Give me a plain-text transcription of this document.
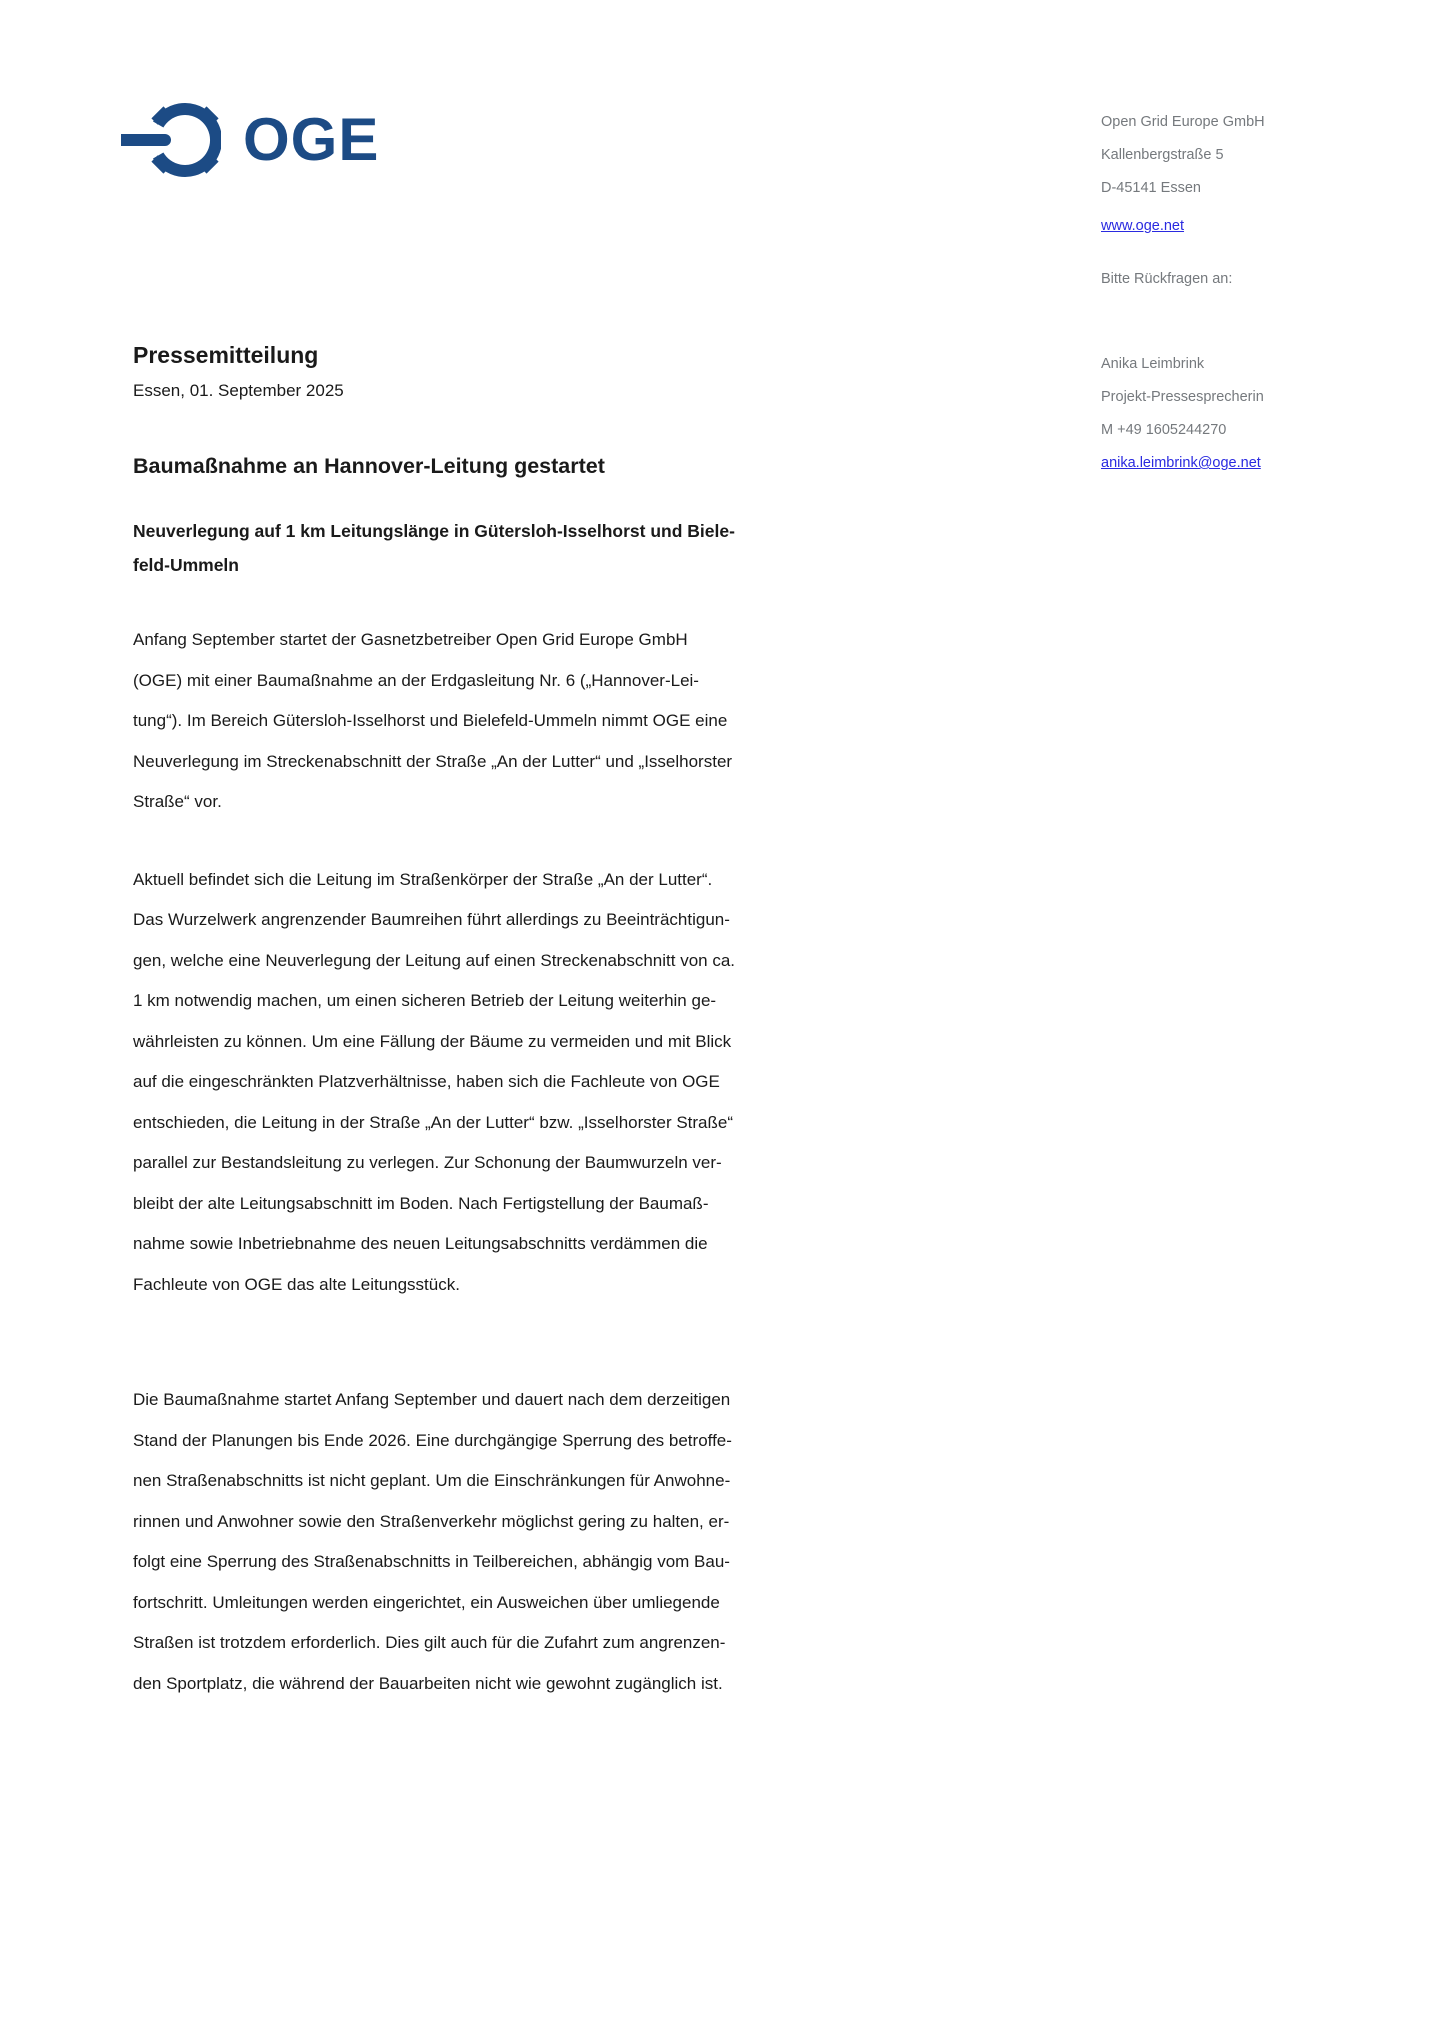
OGE	Open Grid Europe GmbH
Kallenbergstraße 5
D-45141 Essen
www.oge.net
Bitte Rückfragen an:
Anika Leimbrink
Projekt-Pressesprecherin
M +49 1605244270
anika.leimbrink@oge.net
Pressemitteilung
Essen, 01. September 2025
Baumaßnahme an Hannover-Leitung gestartet
Neuverlegung auf 1 km Leitungslänge in Gütersloh-Isselhorst und Biele-
feld-Ummeln
Anfang September startet der Gasnetzbetreiber Open Grid Europe GmbH
(OGE) mit einer Baumaßnahme an der Erdgasleitung Nr. 6 („Hannover-Lei-
tung“). Im Bereich Gütersloh-Isselhorst und Bielefeld-Ummeln nimmt OGE eine
Neuverlegung im Streckenabschnitt der Straße „An der Lutter“ und „Isselhorster
Straße“ vor.
Aktuell befindet sich die Leitung im Straßenkörper der Straße „An der Lutter“.
Das Wurzelwerk angrenzender Baumreihen führt allerdings zu Beeinträchtigun-
gen, welche eine Neuverlegung der Leitung auf einen Streckenabschnitt von ca.
1 km notwendig machen, um einen sicheren Betrieb der Leitung weiterhin ge-
währleisten zu können. Um eine Fällung der Bäume zu vermeiden und mit Blick
auf die eingeschränkten Platzverhältnisse, haben sich die Fachleute von OGE
entschieden, die Leitung in der Straße „An der Lutter“ bzw. „Isselhorster Straße“
parallel zur Bestandsleitung zu verlegen. Zur Schonung der Baumwurzeln ver-
bleibt der alte Leitungsabschnitt im Boden. Nach Fertigstellung der Baumaß-
nahme sowie Inbetriebnahme des neuen Leitungsabschnitts verdämmen die
Fachleute von OGE das alte Leitungsstück.
Die Baumaßnahme startet Anfang September und dauert nach dem derzeitigen
Stand der Planungen bis Ende 2026. Eine durchgängige Sperrung des betroffe-
nen Straßenabschnitts ist nicht geplant. Um die Einschränkungen für Anwohne-
rinnen und Anwohner sowie den Straßenverkehr möglichst gering zu halten, er-
folgt eine Sperrung des Straßenabschnitts in Teilbereichen, abhängig vom Bau-
fortschritt. Umleitungen werden eingerichtet, ein Ausweichen über umliegende
Straßen ist trotzdem erforderlich. Dies gilt auch für die Zufahrt zum angrenzen-
den Sportplatz, die während der Bauarbeiten nicht wie gewohnt zugänglich ist.
